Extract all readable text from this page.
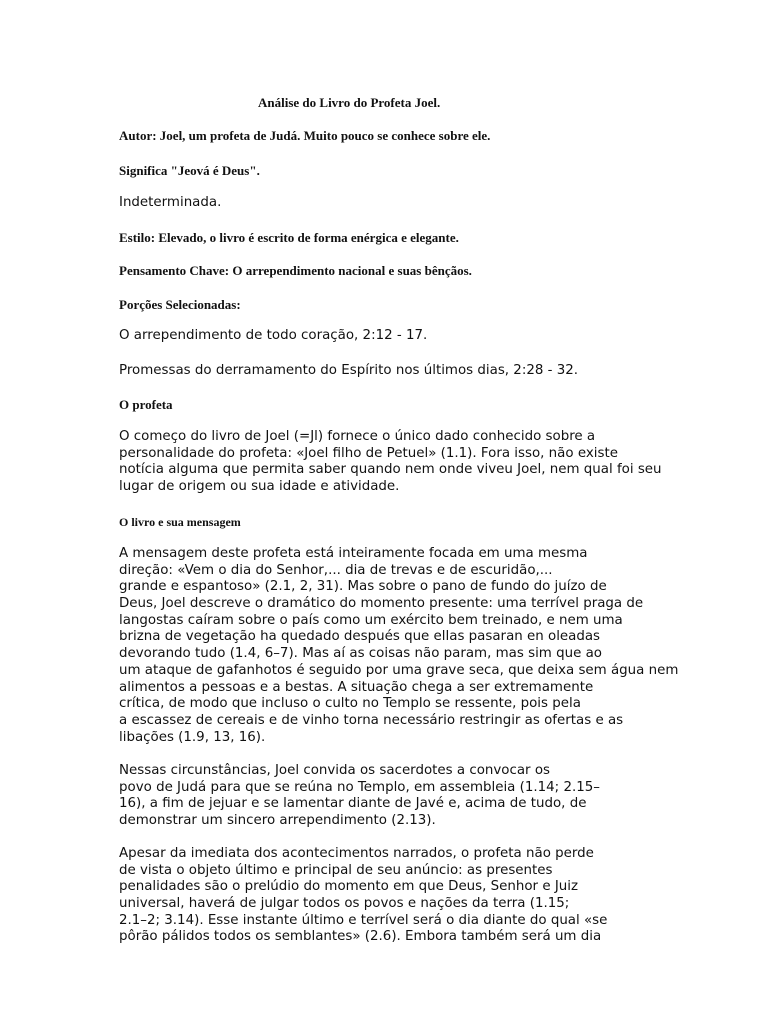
Análise do Livro do Profeta Joel.
Autor: Joel, um profeta de Judá. Muito pouco se conhece sobre ele.
Significa "Jeová é Deus".
Indeterminada.
Estilo: Elevado, o livro é escrito de forma enérgica e elegante.
Pensamento Chave: O arrependimento nacional e suas bênçãos.
Porções Selecionadas:
O arrependimento de todo coração, 2:12 - 17.
Promessas do derramamento do Espírito nos últimos dias, 2:28 - 32.
O profeta
O começo do livro de Joel (=Jl) fornece o único dado conhecido sobre a
personalidade do profeta: «Joel filho de Petuel» (1.1). Fora isso, não existe
notícia alguma que permita saber quando nem onde viveu Joel, nem qual foi seu
lugar de origem ou sua idade e atividade.
O livro e sua mensagem
A mensagem deste profeta está inteiramente focada em uma mesma
direção: «Vem o dia do Senhor,... dia de trevas e de escuridão,...
grande e espantoso» (2.1, 2, 31). Mas sobre o pano de fundo do juízo de
Deus, Joel descreve o dramático do momento presente: uma terrível praga de
langostas caíram sobre o país como um exército bem treinado, e nem uma
brizna de vegetação ha quedado después que ellas pasaran en oleadas
devorando tudo (1.4, 6–7). Mas aí as coisas não param, mas sim que ao
um ataque de gafanhotos é seguido por uma grave seca, que deixa sem água nem
alimentos a pessoas e a bestas. A situação chega a ser extremamente
crítica, de modo que incluso o culto no Templo se ressente, pois pela
a escassez de cereais e de vinho torna necessário restringir as ofertas e as
libações (1.9, 13, 16).
Nessas circunstâncias, Joel convida os sacerdotes a convocar os
povo de Judá para que se reúna no Templo, em assembleia (1.14; 2.15–
16), a fim de jejuar e se lamentar diante de Javé e, acima de tudo, de
demonstrar um sincero arrependimento (2.13).
Apesar da imediata dos acontecimentos narrados, o profeta não perde
de vista o objeto último e principal de seu anúncio: as presentes
penalidades são o prelúdio do momento em que Deus, Senhor e Juiz
universal, haverá de julgar todos os povos e nações da terra (1.15;
2.1–2; 3.14). Esse instante último e terrível será o dia diante do qual «se
pôrão pálidos todos os semblantes» (2.6). Embora também será um dia
